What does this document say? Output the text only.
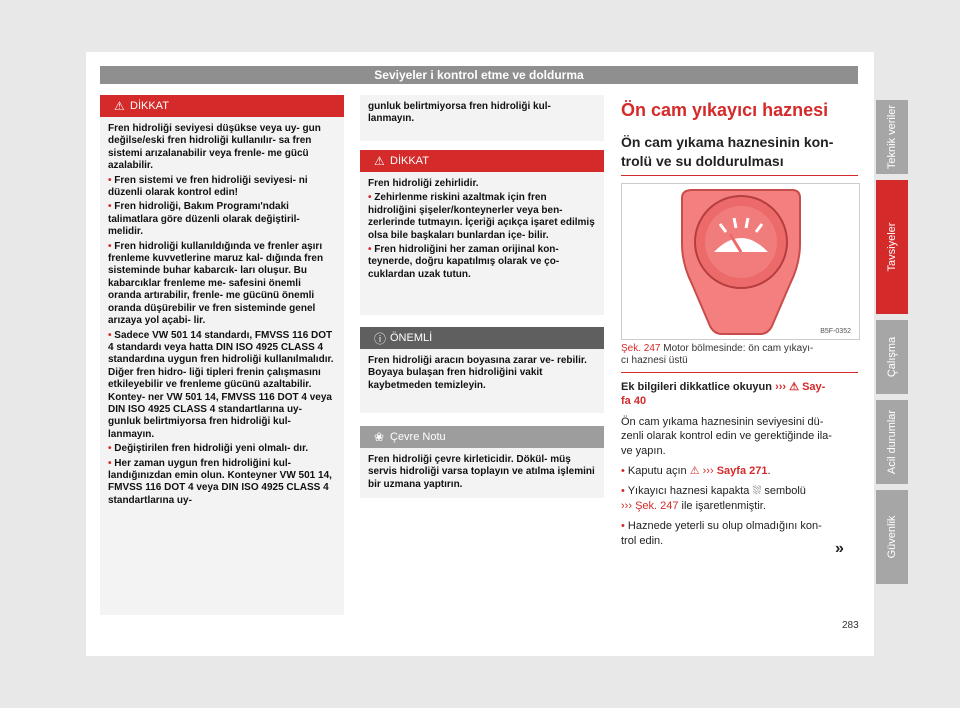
Seviyeler i kontrol etme ve doldurma
⚠ DİKKAT

Fren hidroliği seviyesi düşükse veya uy- gun değilse/eski fren hidroliği kullanılır- sa fren sistemi arızalanabilir veya frenle- me gücü azalabilir.

• Fren sistemi ve fren hidroliği seviyesi- ni düzenli olarak kontrol edin!

• Fren hidroliği, Bakım Programı'ndaki talimatlara göre düzenli olarak değiştiril- melidir.

• Fren hidroliği kullanıldığında ve frenler aşırı frenleme kuvvetlerine maruz kal- dığında fren sisteminde buhar kabarcık- ları oluşur. Bu kabarcıklar frenleme me- safesini önemli oranda artırabilir, frenle- me gücünü önemli oranda düşürebilir ve fren sisteminde genel arızaya yol açabi- lir.

• Sadece VW 501 14 standardı, FMVSS 116 DOT 4 standardı veya hatta DIN ISO 4925 CLASS 4 standardına uygun fren hidroliği kullanılmalıdır. Diğer fren hidro- liği tipleri frenin çalışmasını etkileyebilir ve frenleme gücünü azaltabilir. Kontey- ner VW 501 14, FMVSS 116 DOT 4 veya DIN ISO 4925 CLASS 4 standartlarına uy- gunluk belirtmiyorsa fren hidroliği kul- lanmayın.

• Değiştirilen fren hidroliği yeni olmalı- dır.

• Her zaman uygun fren hidroliğini kul- landığınızdan emin olun. Konteyner VW 501 14, FMVSS 116 DOT 4 veya DIN ISO 4925 CLASS 4 standartlarına uy-

gunluk belirtmiyorsa fren hidroliği kul- lanmayın.
⚠ DİKKAT

Fren hidroliği zehirlidir.

• Zehirlenme riskini azaltmak için fren hidroliğini şişeler/konteynerler veya ben- zerlerinde tutmayın. İçeriği açıkça işaret edilmiş olsa bile başkaları bunlardan içe- bilir.

• Fren hidroliğini her zaman orijinal kon- teynerde, doğru kapatılmış olarak ve ço- cuklardan uzak tutun.

ⓘ ÖNEMLİ
Fren hidroliği aracın boyasına zarar ve- rebilir. Boyaya bulaşan fren hidroliğini vakit kaybetmeden temizleyin.
❀ Çevre Notu
Fren hidroliği çevre kirleticidir. Dökül- müş servis hidroliği varsa toplayın ve atılma işlemini bir uzmana yaptırın.
Ön cam yıkayıcı haznesi
Ön cam yıkama haznesinin kon-
trolü ve su doldurulması
B5F-0352
Şek. 247 Motor bölmesinde: ön cam yıkayı-
cı haznesi üstü
Ek bilgileri dikkatlice okuyun ››› ⚠ Say-
fa 40
Ön cam yıkama haznesinin seviyesini dü-
zenli olarak kontrol edin ve gerektiğinde ila-
ve yapın.
• Kaputu açın ⚠ ››› Sayfa 271.
• Yıkayıcı haznesi kapakta ⛆ sembolü
››› Şek. 247 ile işaretlenmiştir.
• Haznede yeterli su olup olmadığını kon-
trol edin.	»
Teknik veriler
Tavsiyeler
Çalışma
Acil durumlar
Güvenlik
283
